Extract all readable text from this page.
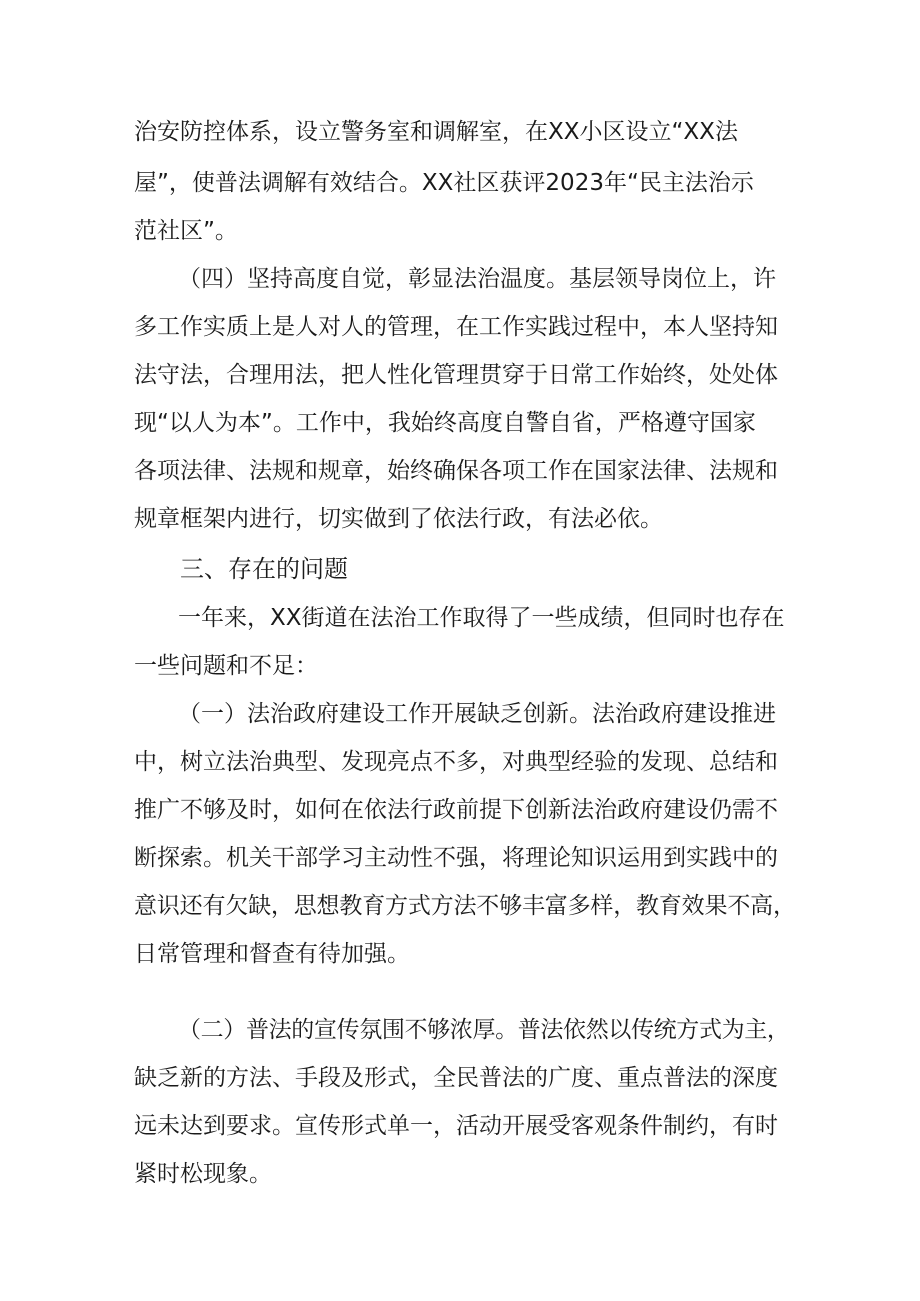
治安防控体系，设立警务室和调解室，在XX小区设立“XX法
屋”，使普法调解有效结合。XX社区获评2023年“民主法治示
范社区”。
（四）坚持高度自觉，彰显法治温度。基层领导岗位上，许
多工作实质上是人对人的管理，在工作实践过程中，本人坚持知
法守法，合理用法，把人性化管理贯穿于日常工作始终，处处体
现“以人为本”。工作中，我始终高度自警自省，严格遵守国家
各项法律、法规和规章，始终确保各项工作在国家法律、法规和
规章框架内进行，切实做到了依法行政，有法必依。
三、存在的问题
一年来，XX街道在法治工作取得了一些成绩，但同时也存在
一些问题和不足：
（一）法治政府建设工作开展缺乏创新。法治政府建设推进
中，树立法治典型、发现亮点不多，对典型经验的发现、总结和
推广不够及时，如何在依法行政前提下创新法治政府建设仍需不
断探索。机关干部学习主动性不强，将理论知识运用到实践中的
意识还有欠缺，思想教育方式方法不够丰富多样，教育效果不高，
日常管理和督查有待加强。
（二）普法的宣传氛围不够浓厚。普法依然以传统方式为主，
缺乏新的方法、手段及形式，全民普法的广度、重点普法的深度
远未达到要求。宣传形式单一，活动开展受客观条件制约，有时
紧时松现象。
